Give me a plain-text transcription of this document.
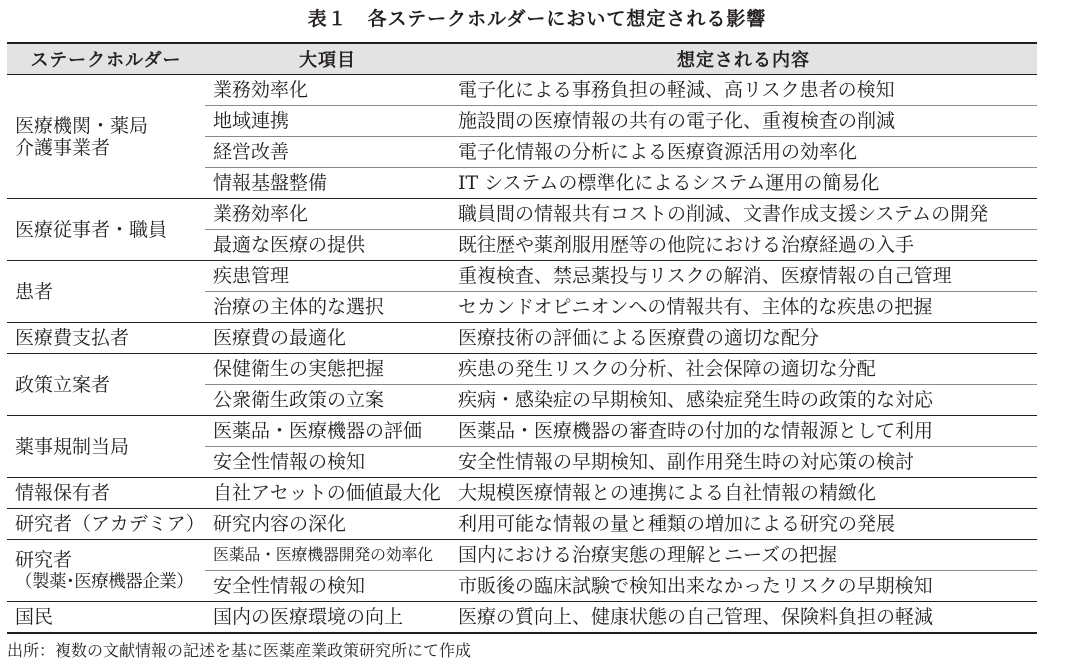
表１　各ステークホルダーにおいて想定される影響
ステークホルダー	大項目	想定される内容

医療機関・薬局
介護事業者	業務効率化	電子化による事務負担の軽減、高リスク患者の検知
	地域連携	施設間の医療情報の共有の電子化、重複検査の削減
	経営改善	電子化情報の分析による医療資源活用の効率化
	情報基盤整備	IT システムの標準化によるシステム運用の簡易化

医療従事者・職員	業務効率化	職員間の情報共有コストの削減、文書作成支援システムの開発
	最適な医療の提供	既往歴や薬剤服用歴等の他院における治療経過の入手

患者	疾患管理	重複検査、禁忌薬投与リスクの解消、医療情報の自己管理
	治療の主体的な選択	セカンドオピニオンへの情報共有、主体的な疾患の把握

医療費支払者	医療費の最適化	医療技術の評価による医療費の適切な配分

政策立案者	保健衛生の実態把握	疾患の発生リスクの分析、社会保障の適切な分配
	公衆衛生政策の立案	疾病・感染症の早期検知、感染症発生時の政策的な対応

薬事規制当局	医薬品・医療機器の評価	医薬品・医療機器の審査時の付加的な情報源として利用
	安全性情報の検知	安全性情報の早期検知、副作用発生時の対応策の検討

情報保有者	自社アセットの価値最大化	大規模医療情報との連携による自社情報の精緻化

研究者（アカデミア）	研究内容の深化	利用可能な情報の量と種類の増加による研究の発展

研究者
（製薬･医療機器企業）	医薬品・医療機器開発の効率化	国内における治療実態の理解とニーズの把握
	安全性情報の検知	市販後の臨床試験で検知出来なかったリスクの早期検知

国民	国内の医療環境の向上	医療の質向上、健康状態の自己管理、保険料負担の軽減
出所：複数の文献情報の記述を基に医薬産業政策研究所にて作成
